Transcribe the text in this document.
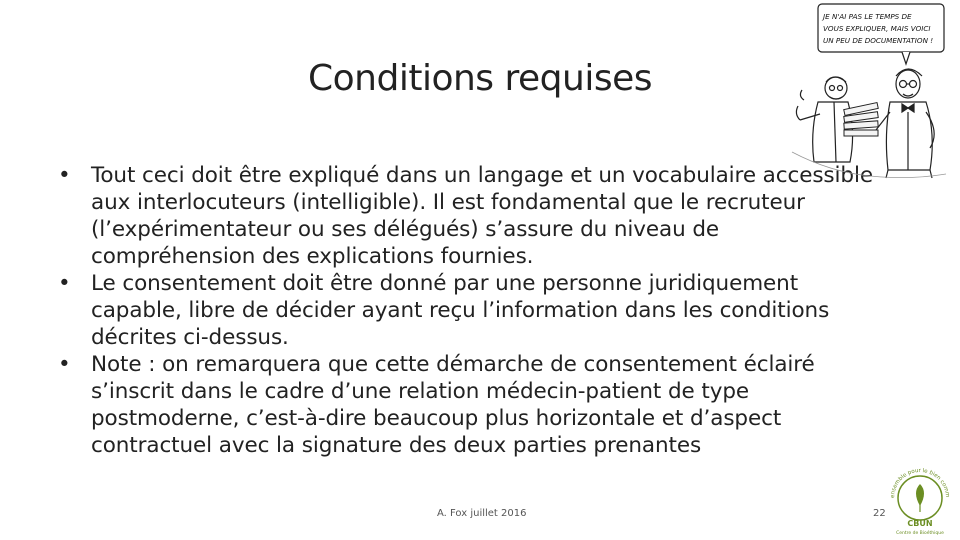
Conditions requises
• Tout ceci doit être expliqué dans un langage et un vocabulaire accessible aux interlocuteurs (intelligible). Il est fondamental que le recruteur (l’expérimentateur ou ses délégués) s’assure du niveau de compréhension des explications fournies.
• Le consentement doit être donné par une personne juridiquement capable, libre de décider ayant reçu l’information dans les conditions décrites ci-dessus.
• Note : on remarquera que cette démarche de consentement éclairé s’inscrit dans le cadre d’une relation médecin-patient de type postmoderne, c’est-à-dire beaucoup plus horizontale et d’aspect contractuel avec la signature des deux parties prenantes
JE N'AI PAS LE TEMPS DE
VOUS EXPLIQUER, MAIS VOICI
UN PEU DE DOCUMENTATION !
ensemble pour le bien comm
CBUN
Centre de Bioéthique
A. Fox juillet 2016	22
